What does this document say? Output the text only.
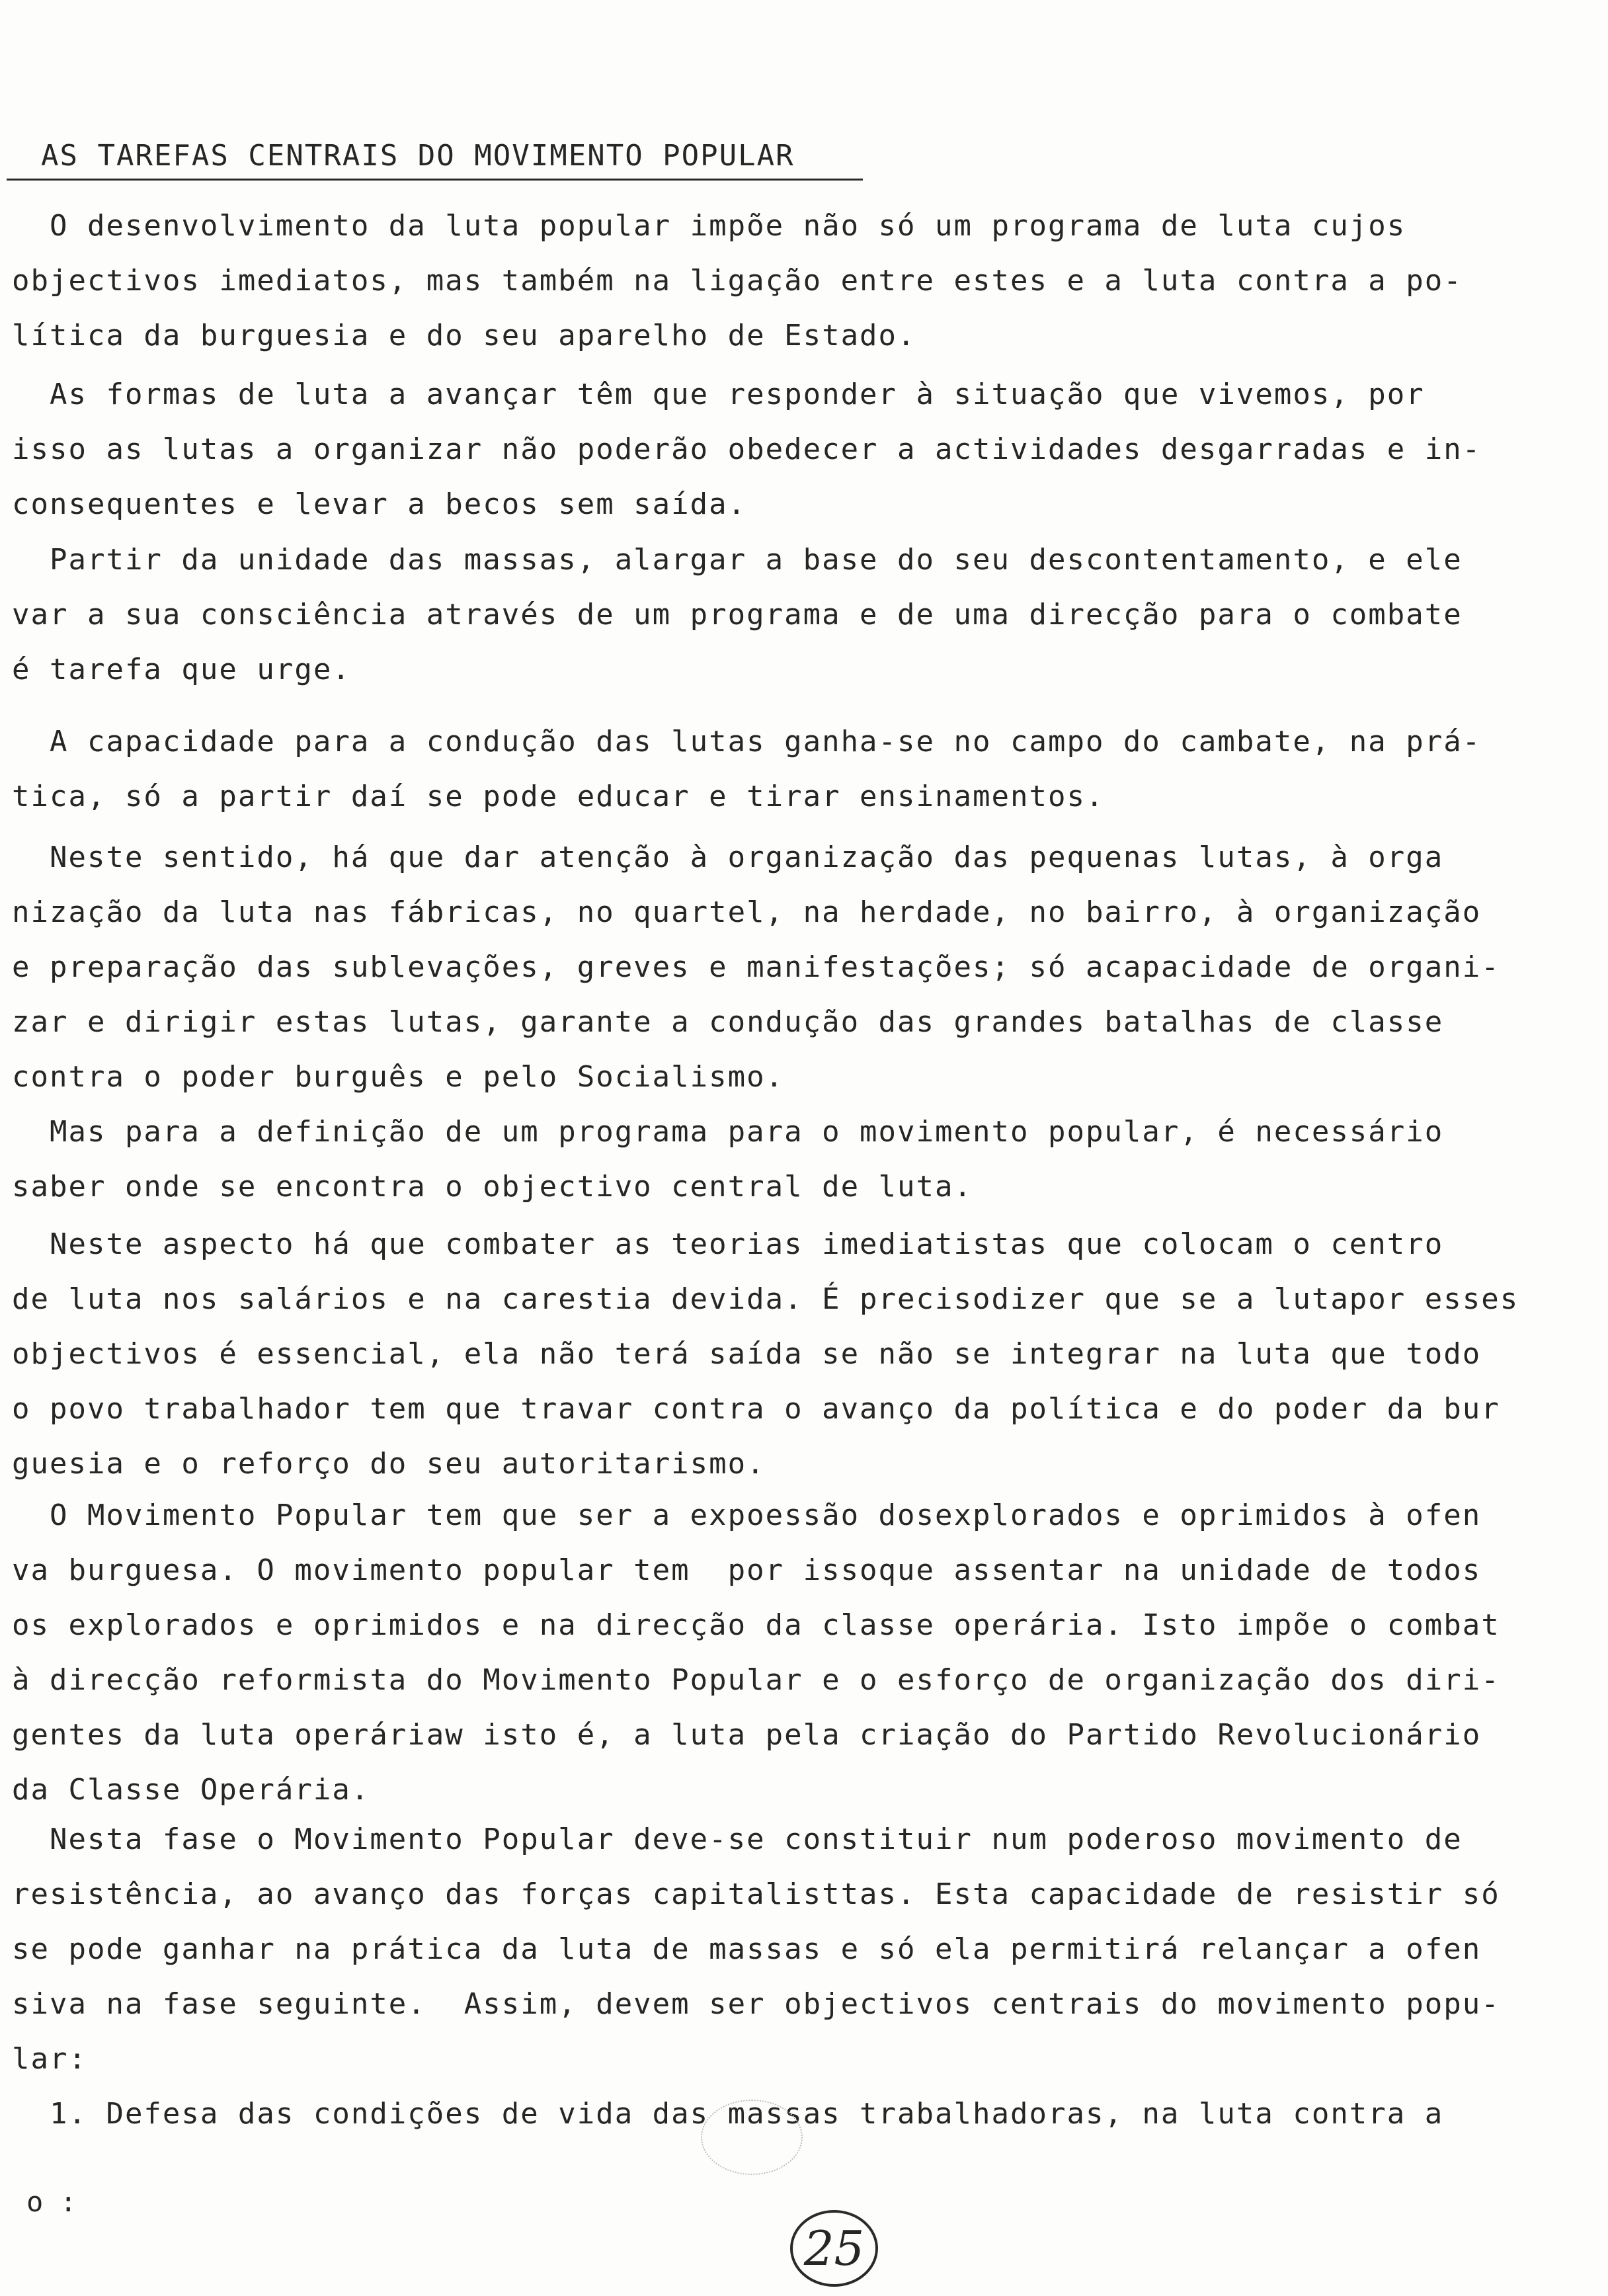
AS TAREFAS CENTRAIS DO MOVIMENTO POPULAR
O desenvolvimento da luta popular impõe não só um programa de luta cujos
objectivos imediatos, mas também na ligação entre estes e a luta contra a po-
lítica da burguesia e do seu aparelho de Estado.
As formas de luta a avançar têm que responder à situação que vivemos, por
isso as lutas a organizar não poderão obedecer a actividades desgarradas e in-
consequentes e levar a becos sem saída.
Partir da unidade das massas, alargar a base do seu descontentamento, e ele
var a sua consciência através de um programa e de uma direcção para o combate
é tarefa que urge.
A capacidade para a condução das lutas ganha-se no campo do cambate, na prá-
tica, só a partir daí se pode educar e tirar ensinamentos.
Neste sentido, há que dar atenção à organização das pequenas lutas, à orga
nização da luta nas fábricas, no quartel, na herdade, no bairro, à organização
e preparação das sublevações, greves e manifestações; só acapacidade de organi-
zar e dirigir estas lutas, garante a condução das grandes batalhas de classe
contra o poder burguês e pelo Socialismo.
Mas para a definição de um programa para o movimento popular, é necessário
saber onde se encontra o objectivo central de luta.
Neste aspecto há que combater as teorias imediatistas que colocam o centro
de luta nos salários e na carestia devida. É precisodizer que se a lutapor esses
objectivos é essencial, ela não terá saída se não se integrar na luta que todo
o povo trabalhador tem que travar contra o avanço da política e do poder da bur
guesia e o reforço do seu autoritarismo.
O Movimento Popular tem que ser a expoessão dosexplorados e oprimidos à ofen
va burguesa. O movimento popular tem  por issoque assentar na unidade de todos
os explorados e oprimidos e na direcção da classe operária. Isto impõe o combat
à direcção reformista do Movimento Popular e o esforço de organização dos diri-
gentes da luta operáriaw isto é, a luta pela criação do Partido Revolucionário
da Classe Operária.
Nesta fase o Movimento Popular deve-se constituir num poderoso movimento de
resistência, ao avanço das forças capitalisttas. Esta capacidade de resistir só
se pode ganhar na prática da luta de massas e só ela permitirá relançar a ofen
siva na fase seguinte.  Assim, devem ser objectivos centrais do movimento popu-
lar:
1. Defesa das condições de vida das massas trabalhadoras, na luta contra a
o :
25
